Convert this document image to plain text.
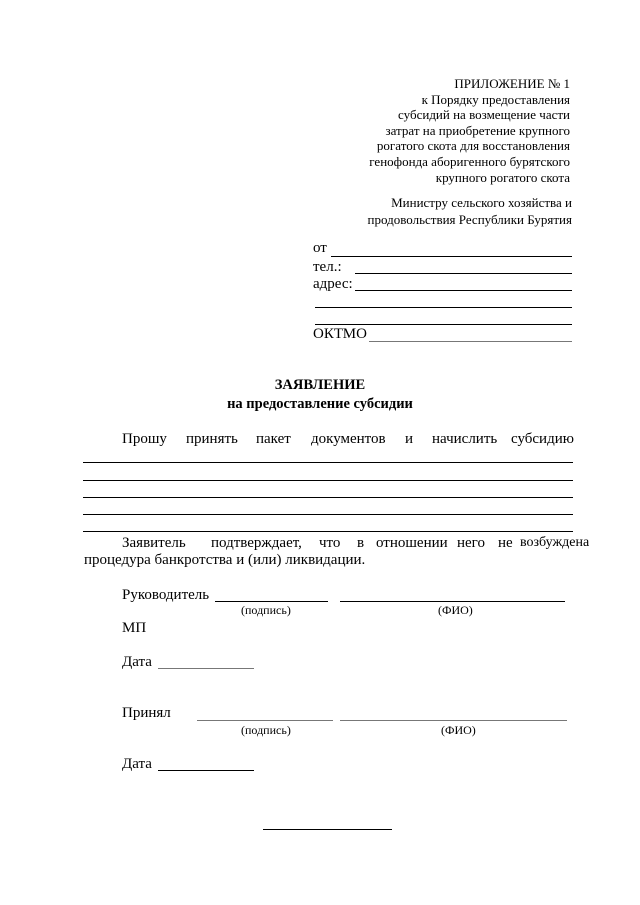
ПРИЛОЖЕНИЕ № 1
к Порядку предоставления
субсидий на возмещение части
затрат на приобретение крупного
рогатого скота для восстановления
генофонда аборигенного бурятского
крупного рогатого скота
Министру сельского хозяйства и
продовольствия Республики Бурятия
от
тел.:
адрес:
ОКТМО
ЗАЯВЛЕНИЕ
на предоставление субсидии
Прошу принять пакет документов и начислить субсидию
Заявитель подтверждает, что в отношении него не возбуждена
процедура банкротства и (или) ликвидации.
Руководитель
(подпись)	(ФИО)
МП
Дата
Принял
(подпись)	(ФИО)
Дата
